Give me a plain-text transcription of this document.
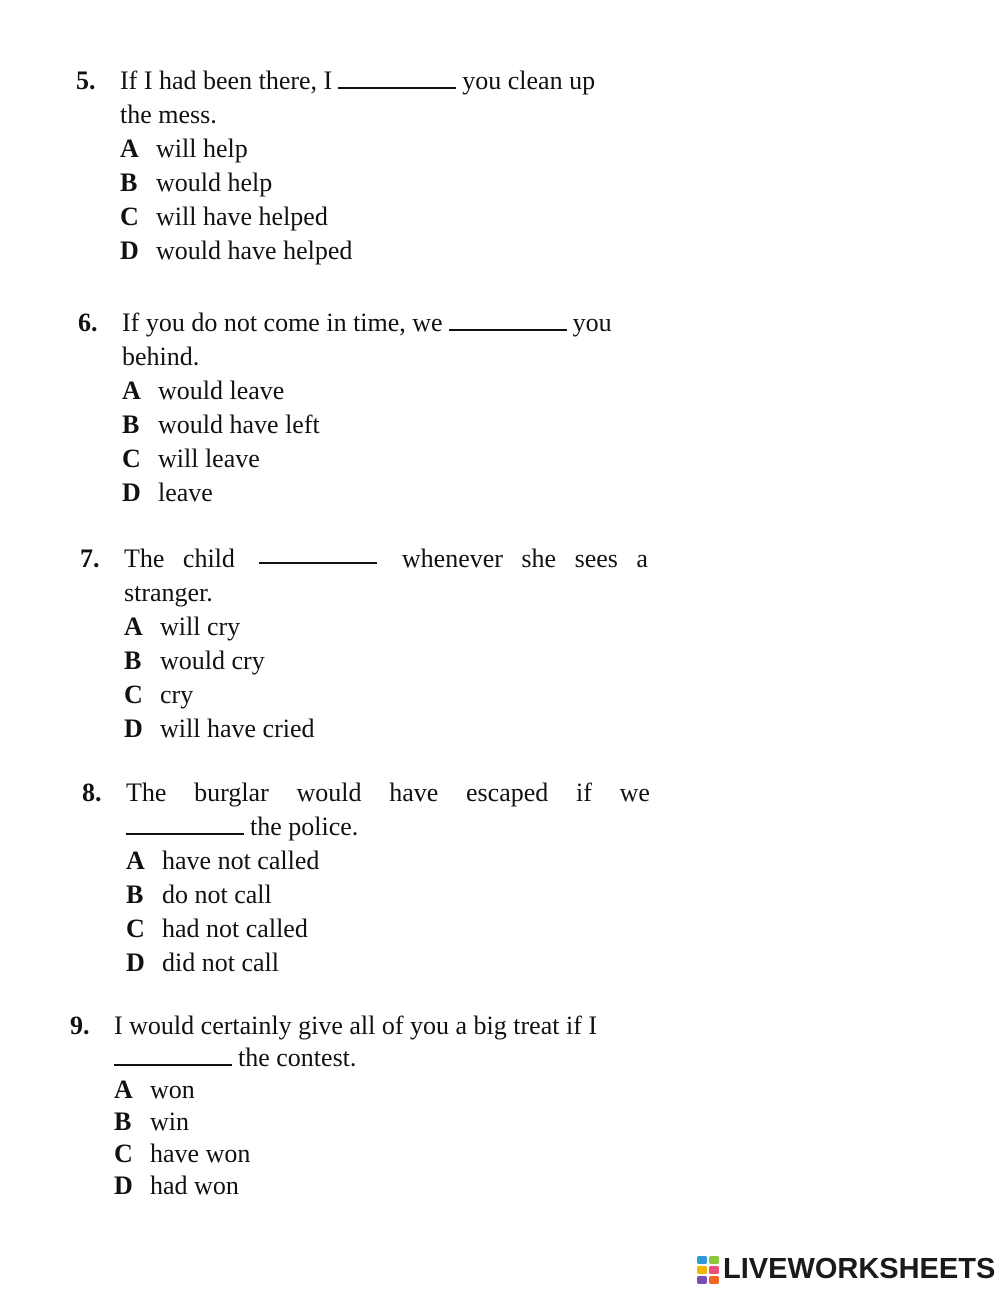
5. If I had been there, I	you clean up
the mess.
A will help
B would help
C will have helped
D would have helped
6. If you do not come in time, we	you
behind.
A would leave
B would have left
C will leave
D leave
7. The child	whenever she sees a
stranger.
A will cry
B would cry
C cry
D will have cried
8. The burglar would have escaped if we
the police.
A have not called
B do not call
C had not called
D did not call
9. I would certainly give all of you a big treat if I
the contest.
A won
B win
C have won
D had won
LIVEWORKSHEETS
